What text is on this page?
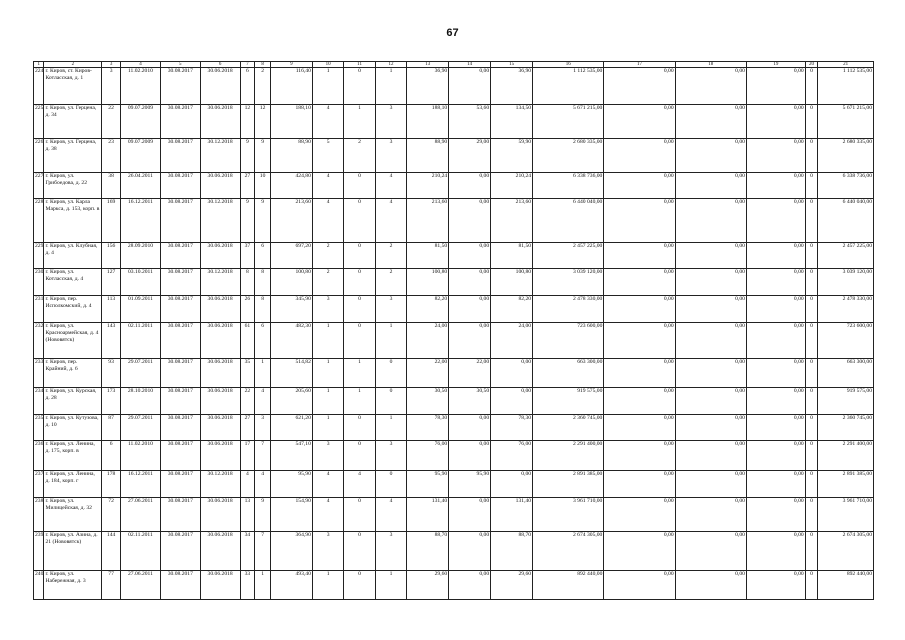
67
1	2	3	4	5	6	7	8	9	10	11	12	13	14	15	16	17	18	19	20	21
224	г. Киров, ст. Киров-Котласская, д. 1	3	11.02.2010	30.08.2017	30.06.2018	6	2	116,40	1	0	1	36,90	0,00	36,90	1 112 535,00	0,00	0,00	0,00	0	1 112 535,00
225	г. Киров, ул. Герцена, д. 34	22	09.07.2009	30.08.2017	30.06.2018	12	12	188,10	4	1	3	188,10	53,60	134,50	5 671 215,00	0,00	0,00	0,00	0	5 671 215,00
226	г. Киров, ул. Герцена, д. 38	23	09.07.2009	30.08.2017	30.12.2018	9	9	88,90	5	2	3	88,90	29,00	59,90	2 680 335,00	0,00	0,00	0,00	0	2 680 335,00
227	г. Киров, ул. Грибоедова, д. 22	38	26.04.2011	30.08.2017	30.06.2018	27	10	424,80	4	0	4	210,24	0,00	210,24	6 338 736,00	0,00	0,00	0,00	0	6 338 736,00
228	г. Киров, ул. Карла Маркса, д. 153, корп. в	169	16.12.2011	30.08.2017	30.12.2018	9	9	213,60	4	0	4	213,60	0,00	213,60	6 440 040,00	0,00	0,00	0,00	0	6 440 040,00
229	г. Киров, ул. Клубная, д. 4	156	28.09.2010	30.08.2017	30.06.2018	37	6	697,20	2	0	2	81,50	0,00	81,50	2 457 225,00	0,00	0,00	0,00	0	2 457 225,00
230	г. Киров, ул. Котласская, д. 4	127	03.10.2011	30.08.2017	30.12.2018	8	8	100,80	2	0	2	100,80	0,00	100,80	3 039 120,00	0,00	0,00	0,00	0	3 039 120,00
231	г. Киров, пер. Исполкомский, д. 4	113	01.09.2011	30.08.2017	30.06.2018	26	8	345,90	3	0	3	82,20	0,00	82,20	2 478 330,00	0,00	0,00	0,00	0	2 478 330,00
232	г. Киров, ул. Красноармейская, д. 4 (Нововятск)	143	02.11.2011	30.08.2017	30.06.2018	61	6	482,30	1	0	1	24,00	0,00	24,00	723 600,00	0,00	0,00	0,00	0	723 600,00
233	г. Киров, пер. Крайний, д. 6	93	29.07.2011	30.08.2017	30.06.2018	35	1	514,82	1	1	0	22,00	22,00	0,00	663 300,00	0,00	0,00	0,00	0	663 300,00
234	г. Киров, ул. Курская, д. 28	173	28.10.2010	30.08.2017	30.06.2018	22	4	205,60	1	1	0	30,50	30,50	0,00	919 575,00	0,00	0,00	0,00	0	919 575,00
235	г. Киров, ул. Кутузова, д. 10	87	29.07.2011	30.08.2017	30.06.2018	27	3	621,20	1	0	1	78,30	0,00	78,30	2 360 745,00	0,00	0,00	0,00	0	2 360 745,00
236	г. Киров, ул. Ленина, д. 175, корп. в	6	11.02.2010	30.08.2017	30.06.2018	17	7	547,10	3	0	3	76,00	0,00	76,00	2 291 400,00	0,00	0,00	0,00	0	2 291 400,00
237	г. Киров, ул. Ленина, д. 184, корп. г	178	16.12.2011	30.08.2017	30.12.2018	4	4	95,90	4	4	0	95,90	95,90	0,00	2 891 385,00	0,00	0,00	0,00	0	2 891 385,00
238	г. Киров, ул. Милицейская, д. 32	72	27.06.2011	30.08.2017	30.06.2018	13	9	154,90	4	0	4	131,40	0,00	131,40	3 961 710,00	0,00	0,00	0,00	0	3 961 710,00
239	г. Киров, ул. Азина, д. 21 (Нововятск)	144	02.11.2011	30.08.2017	30.06.2018	34	7	364,90	3	0	3	88,70	0,00	88,70	2 674 305,00	0,00	0,00	0,00	0	2 674 305,00
240	г. Киров, ул. Набережная, д. 3	77	27.06.2011	30.08.2017	30.06.2018	33	1	493,40	1	0	1	29,60	0,00	29,60	892 440,00	0,00	0,00	0,00	0	892 440,00
